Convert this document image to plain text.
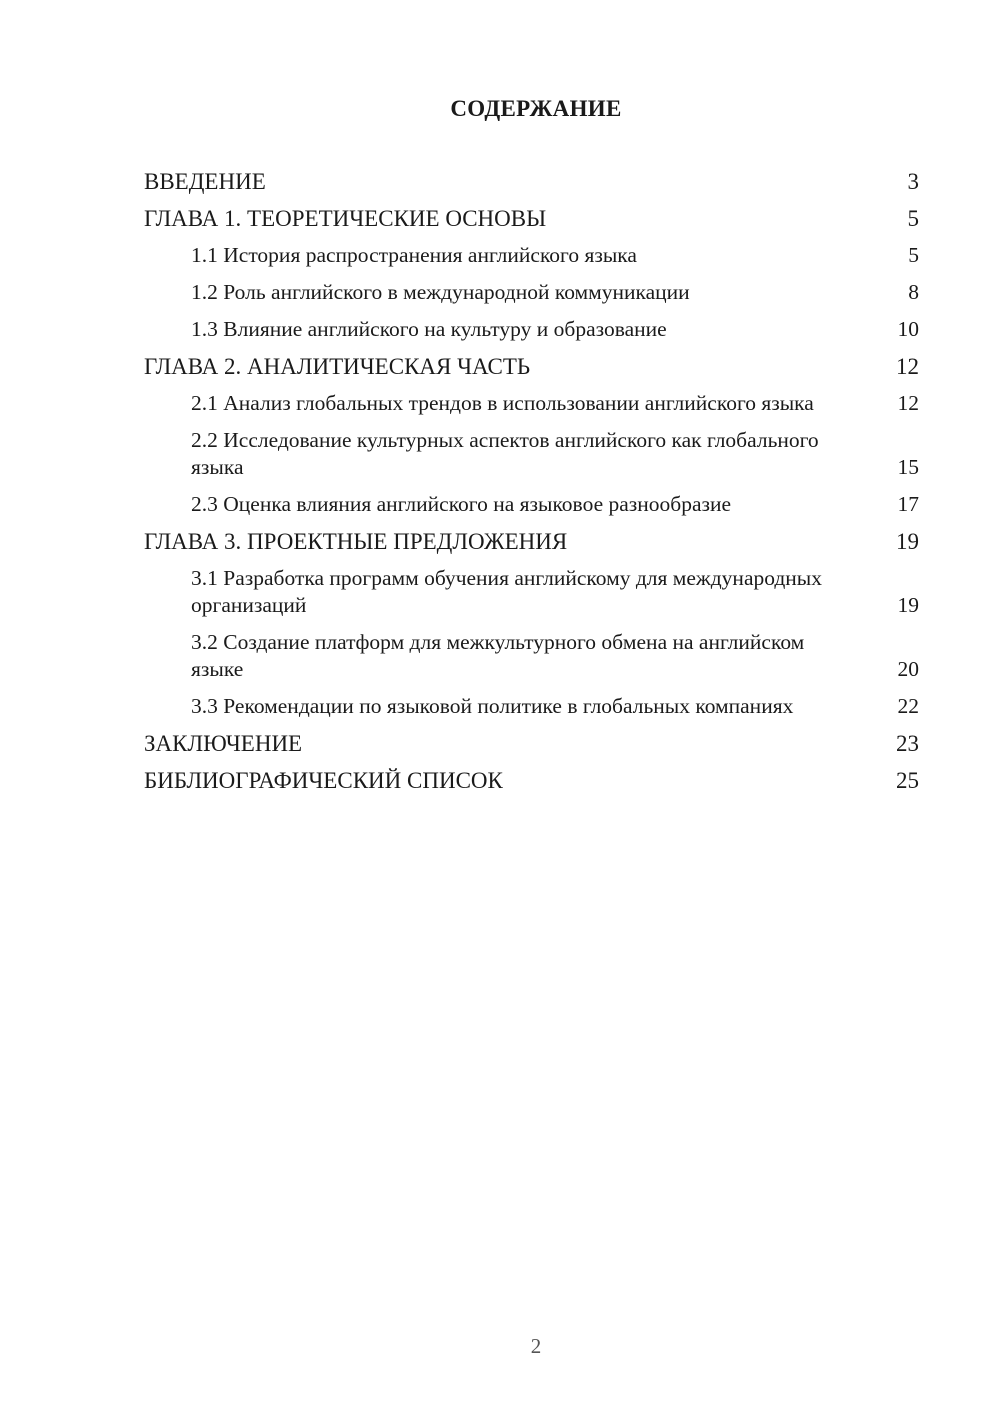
СОДЕРЖАНИЕ
ВВЕДЕНИЕ	3
ГЛАВА 1. ТЕОРЕТИЧЕСКИЕ ОСНОВЫ	5
1.1 История распространения английского языка	5
1.2 Роль английского в международной коммуникации	8
1.3 Влияние английского на культуру и образование	10
ГЛАВА 2. АНАЛИТИЧЕСКАЯ ЧАСТЬ	12
2.1 Анализ глобальных трендов в использовании английского языка	12
2.2 Исследование культурных аспектов английского как глобального языка	15
2.3 Оценка влияния английского на языковое разнообразие	17
ГЛАВА 3. ПРОЕКТНЫЕ ПРЕДЛОЖЕНИЯ	19
3.1 Разработка программ обучения английскому для международных организаций	19
3.2 Создание платформ для межкультурного обмена на английском языке	20
3.3 Рекомендации по языковой политике в глобальных компаниях	22
ЗАКЛЮЧЕНИЕ	23
БИБЛИОГРАФИЧЕСКИЙ СПИСОК	25
2
